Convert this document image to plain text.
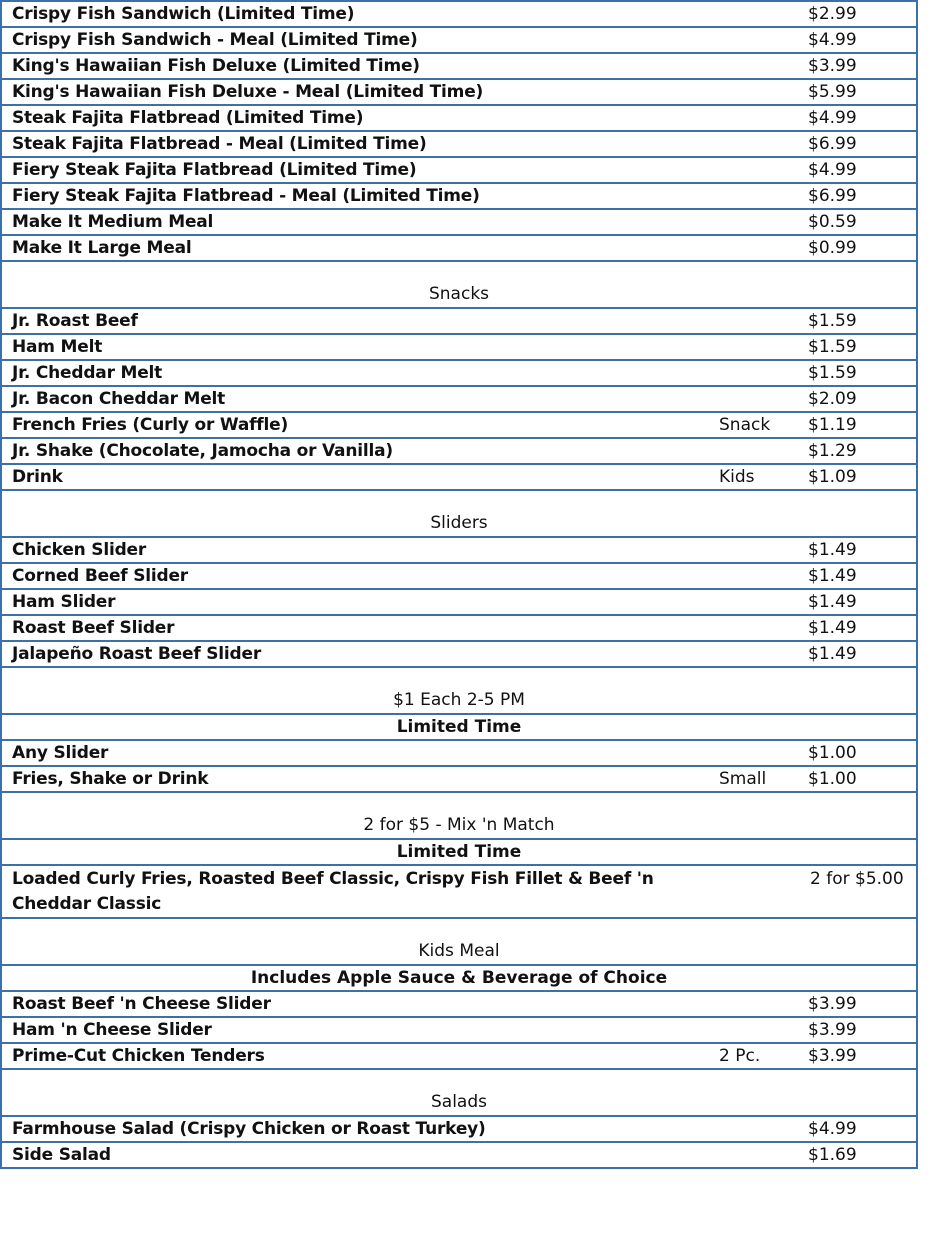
Crispy Fish Sandwich (Limited Time)		$2.99
Crispy Fish Sandwich - Meal (Limited Time)		$4.99
King's Hawaiian Fish Deluxe (Limited Time)		$3.99
King's Hawaiian Fish Deluxe - Meal (Limited Time)		$5.99
Steak Fajita Flatbread (Limited Time)		$4.99
Steak Fajita Flatbread - Meal (Limited Time)		$6.99
Fiery Steak Fajita Flatbread (Limited Time)		$4.99
Fiery Steak Fajita Flatbread - Meal (Limited Time)		$6.99
Make It Medium Meal		$0.59
Make It Large Meal		$0.99
Snacks		
Jr. Roast Beef		$1.59
Ham Melt		$1.59
Jr. Cheddar Melt		$1.59
Jr. Bacon Cheddar Melt		$2.09
French Fries (Curly or Waffle)	Snack	$1.19
Jr. Shake (Chocolate, Jamocha or Vanilla)		$1.29
Drink	Kids	$1.09
Sliders		
Chicken Slider		$1.49
Corned Beef Slider		$1.49
Ham Slider		$1.49
Roast Beef Slider		$1.49
Jalapeño Roast Beef Slider		$1.49
$1 Each 2-5 PM		
Limited Time		
Any Slider		$1.00
Fries, Shake or Drink	Small	$1.00
2 for $5 - Mix 'n Match		
Limited Time		
Loaded Curly Fries, Roasted Beef Classic, Crispy Fish Fillet & Beef 'n Cheddar Classic		2 for $5.00
Kids Meal		
Includes Apple Sauce & Beverage of Choice		
Roast Beef 'n Cheese Slider		$3.99
Ham 'n Cheese Slider		$3.99
Prime-Cut Chicken Tenders	2 Pc.	$3.99
Salads		
Farmhouse Salad (Crispy Chicken or Roast Turkey)		$4.99
Side Salad		$1.69
